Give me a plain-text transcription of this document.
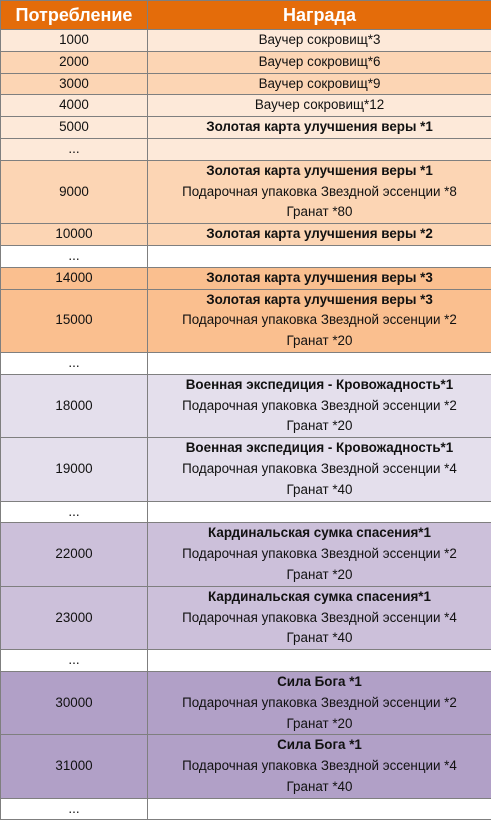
Потребление	Награда
1000	Ваучер сокровищ*3
2000	Ваучер сокровищ*6
3000	Ваучер сокровищ*9
4000	Ваучер сокровищ*12
5000	Золотая карта улучшения веры *1
...	
9000	Золотая карта улучшения веры *1
Подарочная упаковка Звездной эссенции *8
Гранат *80

10000	Золотая карта улучшения веры *2
...	
14000	Золотая карта улучшения веры *3
15000	Золотая карта улучшения веры *3
Подарочная упаковка Звездной эссенции *2
Гранат *20

...	
18000	Военная экспедиция - Кровожадность*1
Подарочная упаковка Звездной эссенции *2
Гранат *20

19000	Военная экспедиция - Кровожадность*1
Подарочная упаковка Звездной эссенции *4
Гранат *40

...	
22000	Кардинальская сумка спасения*1
Подарочная упаковка Звездной эссенции *2
Гранат *20

23000	Кардинальская сумка спасения*1
Подарочная упаковка Звездной эссенции *4
Гранат *40

...	
30000	Сила Бога *1
Подарочная упаковка Звездной эссенции *2
Гранат *20

31000	Сила Бога *1
Подарочная упаковка Звездной эссенции *4
Гранат *40

...	
